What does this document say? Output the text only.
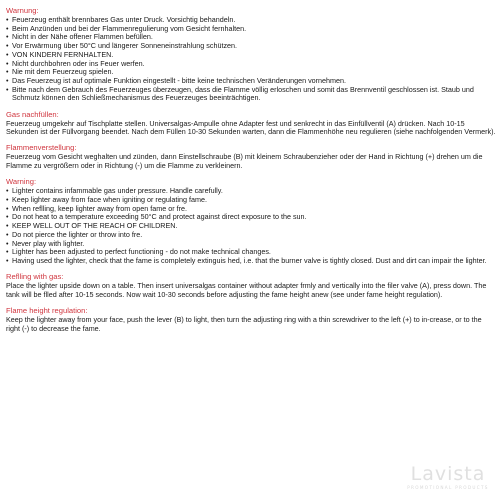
Warnung:
• Feuerzeug enthält brennbares Gas unter Druck. Vorsichtig behandeln.
• Beim Anzünden und bei der Flammenregulierung vom Gesicht fernhalten.
• Nicht in der Nähe offener Flammen befüllen.
• Vor Erwärmung über 50°C und längerer Sonneneinstrahlung schützen.
• VON KINDERN FERNHALTEN.
• Nicht durchbohren oder ins Feuer werfen.
• Nie mit dem Feuerzeug spielen.
• Das Feuerzeug ist auf optimale Funktion eingestellt - bitte keine technischen Veränderungen vornehmen.
• Bitte nach dem Gebrauch des Feuerzeuges überzeugen, dass die Flamme völlig erloschen und somit das Brennventil geschlossen ist. Staub und Schmutz können den Schließmechanismus des Feuerzeuges beeinträchtigen.
Gas nachfüllen:

Feuerzeug umgekehr auf Tischplatte stellen. Universalgas-Ampulle ohne Adapter fest und senkrecht in das Einfüllventil (A) drücken. Nach 10-15 Sekunden ist der Füllvorgang beendet. Nach dem Füllen 10-30 Sekunden warten, dann die Flammenhöhe neu regulieren (siehe nachfolgenden Vermerk).

Flammenverstellung:

Feuerzeug vom Gesicht weghalten und zünden, dann Einstellschraube (B) mit kleinem Schraubenzieher oder der Hand in Richtung (+) drehen um die Flamme zu vergrößern oder in Richtung (-) um die Flamme zu verkleinern.

Warning:
• Lighter contains infammable gas under pressure. Handle carefully.
• Keep lighter away from face when igniting or regulating fame.
• When reflling, keep lighter away from open fame or fre.
• Do not heat to a temperature exceeding 50°C and protect against direct exposure to the sun.
• KEEP WELL OUT OF THE REACH OF CHILDREN.
• Do not pierce the lighter or throw into fre.
• Never play with lighter.
• Lighter has been adjusted to perfect functioning - do not make technical changes.
• Having used the lighter, check that the fame is completely extinguis hed, i.e. that the burner valve is tightly closed. Dust and dirt can impair the lighter.
Reflling with gas:

Place the lighter upside down on a table. Then insert universalgas container without adapter frmly and vertically into the filer valve (A), press down. The tank will be flled after 10-15 seconds. Now wait 10-30 seconds before adjusting the fame height anew (see under fame height regulation).

Flame height regulation:

Keep the lighter away from your face, push the lever (B) to light, then turn the adjusting ring with a thin screwdriver to the left (+) to in-crease, or to the right (-) to decrease the fame.

Lavista
PROMOTIONAL PRODUCTS
